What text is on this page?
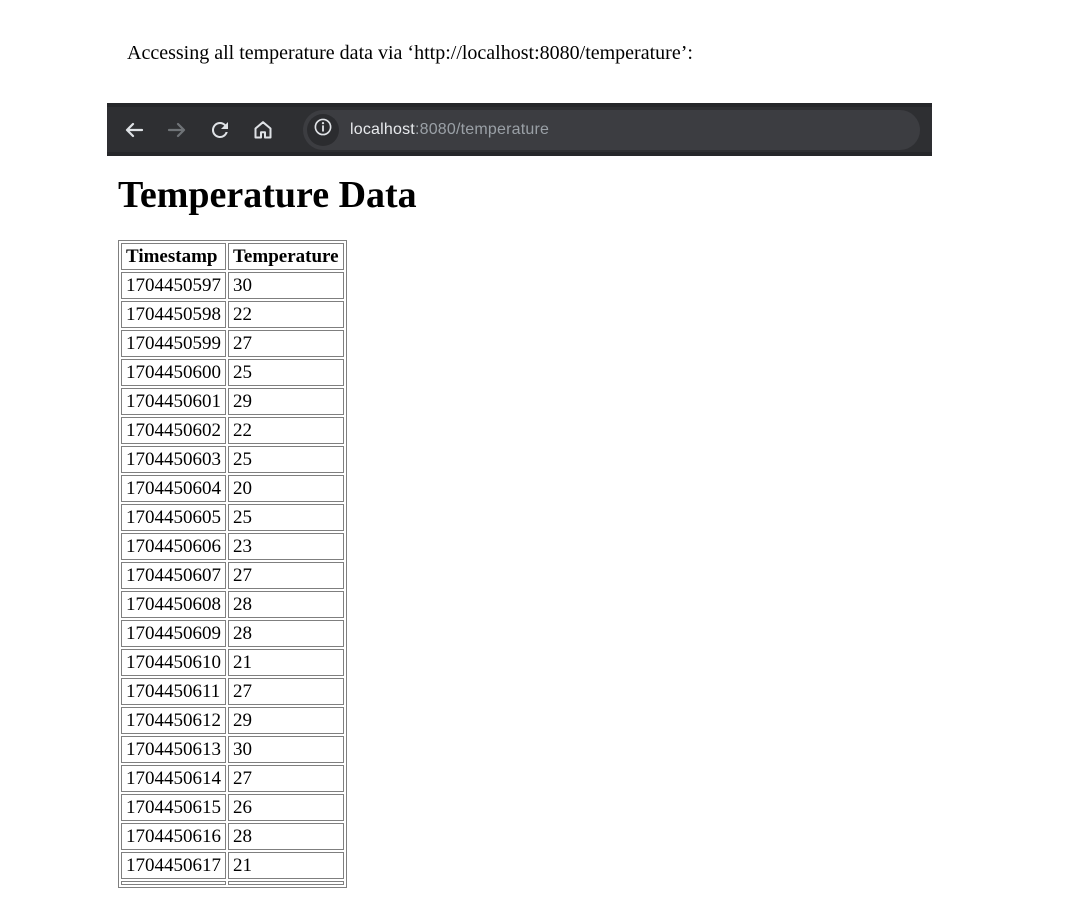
Accessing all temperature data via ‘http://localhost:8080/temperature’:
localhost:8080/temperature
Temperature Data
Timestamp	Temperature
1704450597	30
1704450598	22
1704450599	27
1704450600	25
1704450601	29
1704450602	22
1704450603	25
1704450604	20
1704450605	25
1704450606	23
1704450607	27
1704450608	28
1704450609	28
1704450610	21
1704450611	27
1704450612	29
1704450613	30
1704450614	27
1704450615	26
1704450616	28
1704450617	21
